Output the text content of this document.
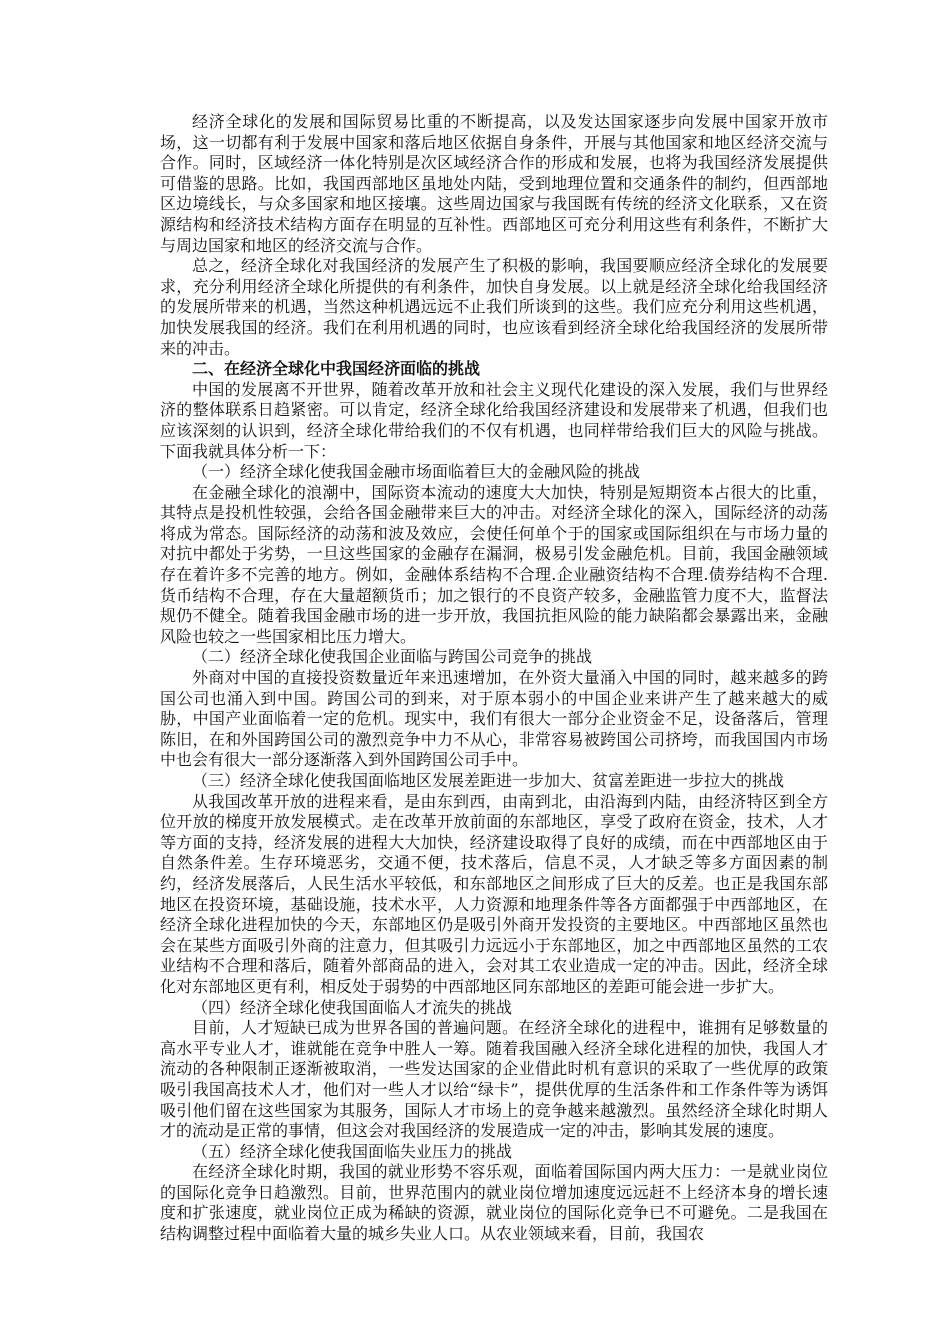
经济全球化的发展和国际贸易比重的不断提高，以及发达国家逐步向发展中国家开放市场，这一切都有利于发展中国家和落后地区依据自身条件，开展与其他国家和地区经济交流与合作。同时，区域经济一体化特别是次区域经济合作的形成和发展，也将为我国经济发展提供可借鉴的思路。比如，我国西部地区虽地处内陆，受到地理位置和交通条件的制约，但西部地区边境线长，与众多国家和地区接壤。这些周边国家与我国既有传统的经济文化联系，又在资源结构和经济技术结构方面存在明显的互补性。西部地区可充分利用这些有利条件，不断扩大与周边国家和地区的经济交流与合作。

总之，经济全球化对我国经济的发展产生了积极的影响，我国要顺应经济全球化的发展要求，充分利用经济全球化所提供的有利条件，加快自身发展。以上就是经济全球化给我国经济的发展所带来的机遇，当然这种机遇远远不止我们所谈到的这些。我们应充分利用这些机遇，加快发展我国的经济。我们在利用机遇的同时，也应该看到经济全球化给我国经济的发展所带来的冲击。

二、在经济全球化中我国经济面临的挑战

中国的发展离不开世界，随着改革开放和社会主义现代化建设的深入发展，我们与世界经济的整体联系日趋紧密。可以肯定，经济全球化给我国经济建设和发展带来了机遇，但我们也应该深刻的认识到，经济全球化带给我们的不仅有机遇，也同样带给我们巨大的风险与挑战。下面我就具体分析一下：

（一）经济全球化使我国金融市场面临着巨大的金融风险的挑战

在金融全球化的浪潮中，国际资本流动的速度大大加快，特别是短期资本占很大的比重，其特点是投机性较强，会给各国金融带来巨大的冲击。对经济全球化的深入，国际经济的动荡将成为常态。国际经济的动荡和波及效应，会使任何单个于的国家或国际组织在与市场力量的对抗中都处于劣势，一旦这些国家的金融存在漏洞，极易引发金融危机。目前，我国金融领域存在着许多不完善的地方。例如，金融体系结构不合理.企业融资结构不合理.债券结构不合理.货币结构不合理，存在大量超额货币；加之银行的不良资产较多，金融监管力度不大，监督法规仍不健全。随着我国金融市场的进一步开放，我国抗拒风险的能力缺陷都会暴露出来，金融风险也较之一些国家相比压力增大。

（二）经济全球化使我国企业面临与跨国公司竞争的挑战

外商对中国的直接投资数量近年来迅速增加，在外资大量涌入中国的同时，越来越多的跨国公司也涌入到中国。跨国公司的到来，对于原本弱小的中国企业来讲产生了越来越大的威胁，中国产业面临着一定的危机。现实中，我们有很大一部分企业资金不足，设备落后，管理陈旧，在和外国跨国公司的激烈竞争中力不从心，非常容易被跨国公司挤垮，而我国国内市场中也会有很大一部分逐渐落入到外国跨国公司手中。

（三）经济全球化使我国面临地区发展差距进一步加大、贫富差距进一步拉大的挑战

从我国改革开放的进程来看，是由东到西，由南到北，由沿海到内陆，由经济特区到全方位开放的梯度开放发展模式。走在改革开放前面的东部地区，享受了政府在资金，技术，人才等方面的支持，经济发展的进程大大加快，经济建设取得了良好的成绩，而在中西部地区由于自然条件差。生存环境恶劣，交通不便，技术落后，信息不灵，人才缺乏等多方面因素的制约，经济发展落后，人民生活水平较低，和东部地区之间形成了巨大的反差。也正是我国东部地区在投资环境，基础设施，技术水平，人力资源和地理条件等各方面都强于中西部地区，在经济全球化进程加快的今天，东部地区仍是吸引外商开发投资的主要地区。中西部地区虽然也会在某些方面吸引外商的注意力，但其吸引力远远小于东部地区，加之中西部地区虽然的工农业结构不合理和落后，随着外部商品的进入，会对其工农业造成一定的冲击。因此，经济全球化对东部地区更有利，相反处于弱势的中西部地区同东部地区的差距可能会进一步扩大。

（四）经济全球化使我国面临人才流失的挑战

目前，人才短缺已成为世界各国的普遍问题。在经济全球化的进程中，谁拥有足够数量的高水平专业人才，谁就能在竞争中胜人一筹。随着我国融入经济全球化进程的加快，我国人才流动的各种限制正逐渐被取消，一些发达国家的企业借此时机有意识的采取了一些优厚的政策吸引我国高技术人才，他们对一些人才以给“绿卡”，提供优厚的生活条件和工作条件等为诱饵吸引他们留在这些国家为其服务，国际人才市场上的竞争越来越激烈。虽然经济全球化时期人才的流动是正常的事情，但这会对我国经济的发展造成一定的冲击，影响其发展的速度。

（五）经济全球化使我国面临失业压力的挑战

在经济全球化时期，我国的就业形势不容乐观，面临着国际国内两大压力：一是就业岗位的国际化竞争日趋激烈。目前，世界范围内的就业岗位增加速度远远赶不上经济本身的增长速度和扩张速度，就业岗位正成为稀缺的资源，就业岗位的国际化竞争已不可避免。二是我国在结构调整过程中面临着大量的城乡失业人口。从农业领域来看，目前，我国农
